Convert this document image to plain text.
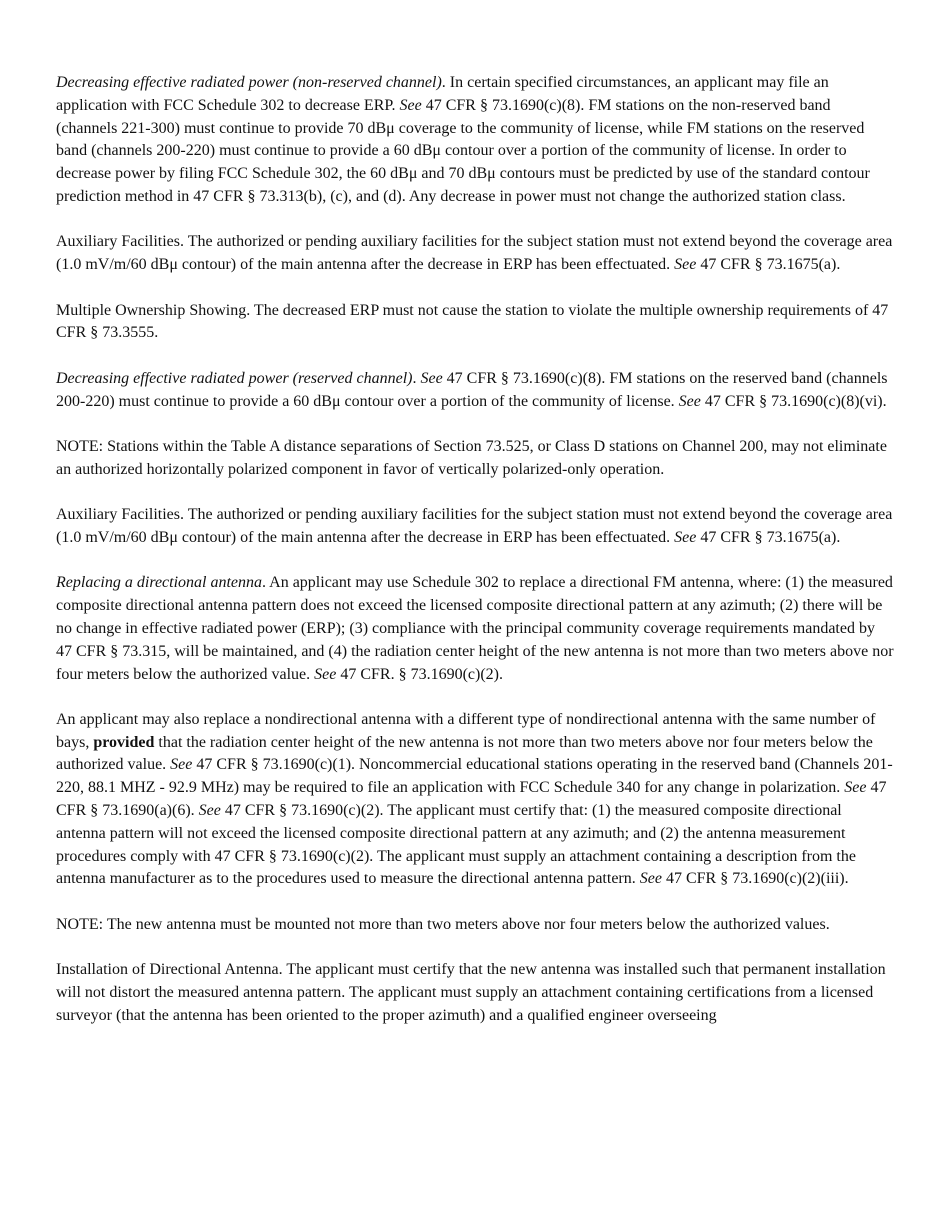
Decreasing effective radiated power (non-reserved channel). In certain specified circumstances, an applicant may file an application with FCC Schedule 302 to decrease ERP. See 47 CFR § 73.1690(c)(8). FM stations on the non-reserved band (channels 221-300) must continue to provide 70 dBμ coverage to the community of license, while FM stations on the reserved band (channels 200-220) must continue to provide a 60 dBμ contour over a portion of the community of license. In order to decrease power by filing FCC Schedule 302, the 60 dBμ and 70 dBμ contours must be predicted by use of the standard contour prediction method in 47 CFR § 73.313(b), (c), and (d). Any decrease in power must not change the authorized station class.

Auxiliary Facilities. The authorized or pending auxiliary facilities for the subject station must not extend beyond the coverage area (1.0 mV/m/60 dBμ contour) of the main antenna after the decrease in ERP has been effectuated. See 47 CFR § 73.1675(a).

Multiple Ownership Showing. The decreased ERP must not cause the station to violate the multiple ownership requirements of 47 CFR § 73.3555.

Decreasing effective radiated power (reserved channel). See 47 CFR § 73.1690(c)(8). FM stations on the reserved band (channels 200-220) must continue to provide a 60 dBμ contour over a portion of the community of license. See 47 CFR § 73.1690(c)(8)(vi).

NOTE: Stations within the Table A distance separations of Section 73.525, or Class D stations on Channel 200, may not eliminate an authorized horizontally polarized component in favor of vertically polarized-only operation.

Auxiliary Facilities. The authorized or pending auxiliary facilities for the subject station must not extend beyond the coverage area (1.0 mV/m/60 dBμ contour) of the main antenna after the decrease in ERP has been effectuated. See 47 CFR § 73.1675(a).

Replacing a directional antenna. An applicant may use Schedule 302 to replace a directional FM antenna, where: (1) the measured composite directional antenna pattern does not exceed the licensed composite directional pattern at any azimuth; (2) there will be no change in effective radiated power (ERP); (3) compliance with the principal community coverage requirements mandated by 47 CFR § 73.315, will be maintained, and (4) the radiation center height of the new antenna is not more than two meters above nor four meters below the authorized value. See 47 CFR. § 73.1690(c)(2).

An applicant may also replace a nondirectional antenna with a different type of nondirectional antenna with the same number of bays, provided that the radiation center height of the new antenna is not more than two meters above nor four meters below the authorized value. See 47 CFR § 73.1690(c)(1). Noncommercial educational stations operating in the reserved band (Channels 201-220, 88.1 MHZ - 92.9 MHz) may be required to file an application with FCC Schedule 340 for any change in polarization. See 47 CFR § 73.1690(a)(6). See 47 CFR § 73.1690(c)(2). The applicant must certify that: (1) the measured composite directional antenna pattern will not exceed the licensed composite directional pattern at any azimuth; and (2) the antenna measurement procedures comply with 47 CFR § 73.1690(c)(2). The applicant must supply an attachment containing a description from the antenna manufacturer as to the procedures used to measure the directional antenna pattern. See 47 CFR § 73.1690(c)(2)(iii).

NOTE: The new antenna must be mounted not more than two meters above nor four meters below the authorized values.

Installation of Directional Antenna. The applicant must certify that the new antenna was installed such that permanent installation will not distort the measured antenna pattern. The applicant must supply an attachment containing certifications from a licensed surveyor (that the antenna has been oriented to the proper azimuth) and a qualified engineer overseeing
